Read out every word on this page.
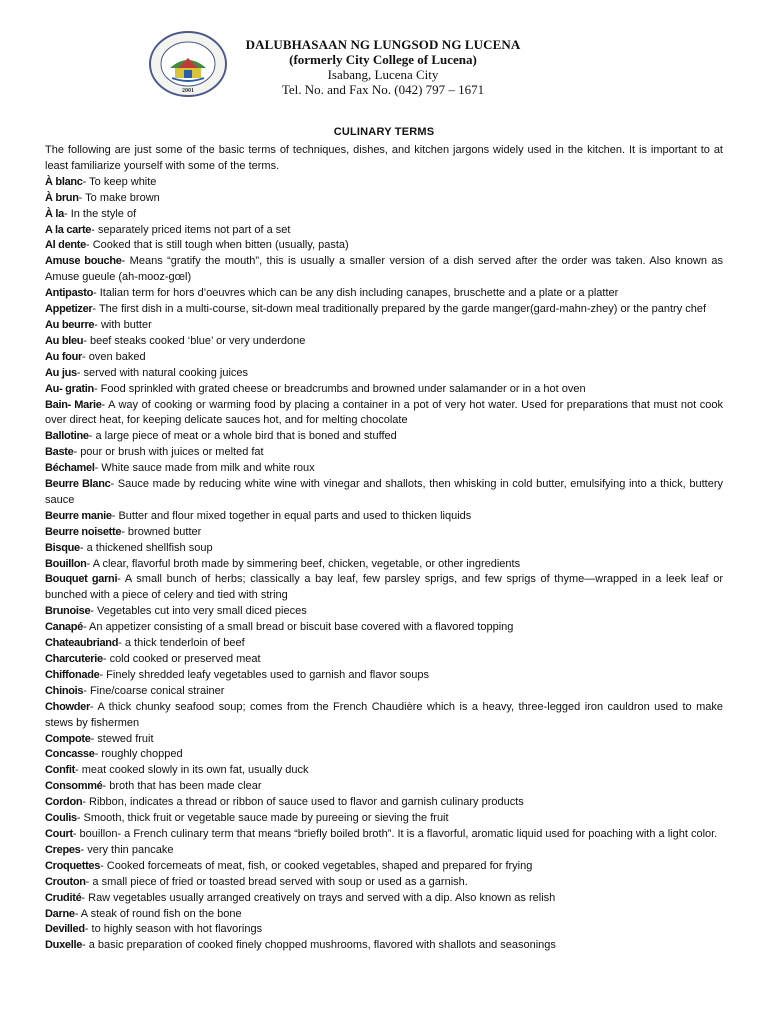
2001
DALUBHASAAN NG LUNGSOD NG LUCENA
(formerly City College of Lucena)
Isabang, Lucena City
Tel. No. and Fax No. (042) 797 – 1671
CULINARY TERMS

The following are just some of the basic terms of techniques, dishes, and kitchen jargons widely used in the kitchen. It is important to at least familiarize yourself with some of the terms.

À blanc- To keep white

À brun- To make brown

À la- In the style of

A la carte- separately priced items not part of a set

Al dente- Cooked that is still tough when bitten (usually, pasta)

Amuse bouche- Means “gratify the mouth”, this is usually a smaller version of a dish served after the order was taken. Also known as Amuse gueule (ah-mooz-gœl)

Antipasto- Italian term for hors d’oeuvres which can be any dish including canapes, bruschette and a plate or a platter

Appetizer- The first dish in a multi-course, sit-down meal traditionally prepared by the garde manger(gard-mahn-zhey) or the pantry chef

Au beurre- with butter

Au bleu- beef steaks cooked ‘blue’ or very underdone

Au four- oven baked

Au jus- served with natural cooking juices

Au- gratin- Food sprinkled with grated cheese or breadcrumbs and browned under salamander or in a hot oven

Bain- Marie- A way of cooking or warming food by placing a container in a pot of very hot water. Used for preparations that must not cook over direct heat, for keeping delicate sauces hot, and for melting chocolate

Ballotine- a large piece of meat or a whole bird that is boned and stuffed

Baste- pour or brush with juices or melted fat

Béchamel- White sauce made from milk and white roux

Beurre Blanc- Sauce made by reducing white wine with vinegar and shallots, then whisking in cold butter, emulsifying into a thick, buttery sauce

Beurre manie- Butter and flour mixed together in equal parts and used to thicken liquids

Beurre noisette- browned butter

Bisque- a thickened shellfish soup

Bouillon- A clear, flavorful broth made by simmering beef, chicken, vegetable, or other ingredients

Bouquet garni- A small bunch of herbs; classically a bay leaf, few parsley sprigs, and few sprigs of thyme—wrapped in a leek leaf or bunched with a piece of celery and tied with string

Brunoise- Vegetables cut into very small diced pieces

Canapé- An appetizer consisting of a small bread or biscuit base covered with a flavored topping

Chateaubriand- a thick tenderloin of beef

Charcuterie- cold cooked or preserved meat

Chiffonade- Finely shredded leafy vegetables used to garnish and flavor soups

Chinois- Fine/coarse conical strainer

Chowder- A thick chunky seafood soup; comes from the French Chaudière which is a heavy, three-legged iron cauldron used to make stews by fishermen

Compote- stewed fruit

Concasse- roughly chopped

Confit- meat cooked slowly in its own fat, usually duck

Consommé- broth that has been made clear

Cordon- Ribbon, indicates a thread or ribbon of sauce used to flavor and garnish culinary products

Coulis- Smooth, thick fruit or vegetable sauce made by pureeing or sieving the fruit

Court- bouillon- a French culinary term that means “briefly boiled broth”. It is a flavorful, aromatic liquid used for poaching with a light color.

Crepes- very thin pancake

Croquettes- Cooked forcemeats of meat, fish, or cooked vegetables, shaped and prepared for frying

Crouton- a small piece of fried or toasted bread served with soup or used as a garnish.

Crudité- Raw vegetables usually arranged creatively on trays and served with a dip. Also known as relish

Darne- A steak of round fish on the bone

Devilled- to highly season with hot flavorings

Duxelle- a basic preparation of cooked finely chopped mushrooms, flavored with shallots and seasonings
